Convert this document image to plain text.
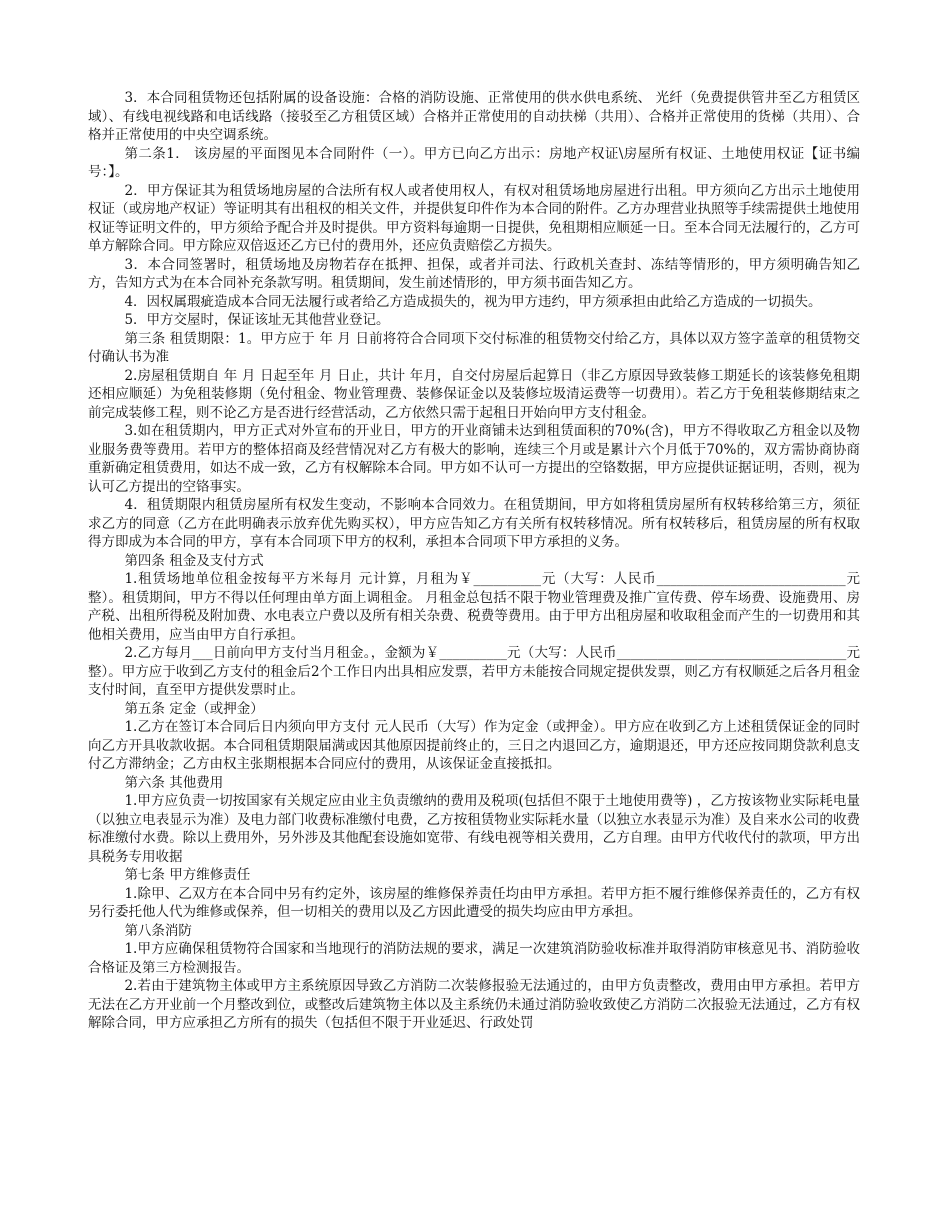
3．本合同租赁物还包括附属的设备设施：合格的消防设施、正常使用的供水供电系统、 光纤（免费提供管井至乙方租赁区域）、有线电视线路和电话线路（接驳至乙方租赁区域）合格并正常使用的自动扶梯（共用）、合格并正常使用的货梯（共用）、合格并正常使用的中央空调系统。

第二条1． 该房屋的平面图见本合同附件（一）。甲方已向乙方出示：房地产权证\房屋所有权证、土地使用权证【证书编号：】。

2．甲方保证其为租赁场地房屋的合法所有权人或者使用权人，有权对租赁场地房屋进行出租。甲方须向乙方出示土地使用权证（或房地产权证）等证明其有出租权的相关文件，并提供复印件作为本合同的附件。乙方办理营业执照等手续需提供土地使用权证等证明文件的，甲方须给予配合并及时提供。甲方资料每逾期一日提供，免租期相应顺延一日。至本合同无法履行的，乙方可单方解除合同。甲方除应双倍返还乙方已付的费用外，还应负责赔偿乙方损失。

3．本合同签署时，租赁场地及房物若存在抵押、担保，或者并司法、行政机关查封、冻结等情形的，甲方须明确告知乙方，告知方式为在本合同补充条款写明。租赁期间，发生前述情形的，甲方须书面告知乙方。

4．因权属瑕疵造成本合同无法履行或者给乙方造成损失的，视为甲方违约，甲方须承担由此给乙方造成的一切损失。

5．甲方交屋时，保证该址无其他营业登记。

第三条 租赁期限：1。甲方应于 年 月 日前将符合合同项下交付标准的租赁物交付给乙方，具体以双方签字盖章的租赁物交付确认书为准

2.房屋租赁期自 年 月 日起至年 月 日止，共计 年月，自交付房屋后起算日（非乙方原因导致装修工期延长的该装修免租期还相应顺延）为免租装修期（免付租金、物业管理费、装修保证金以及装修垃圾清运费等一切费用）。若乙方于免租装修期结束之前完成装修工程，则不论乙方是否进行经营活动，乙方依然只需于起租日开始向甲方支付租金。

3.如在租赁期内，甲方正式对外宣布的开业日，甲方的开业商铺未达到租赁面积的70%(含)，甲方不得收取乙方租金以及物业服务费等费用。若甲方的整体招商及经营情况对乙方有极大的影响，连续三个月或是累计六个月低于70%的，双方需协商协商重新确定租赁费用，如达不成一致，乙方有权解除本合同。甲方如不认可一方提出的空铬数据，甲方应提供证据证明，否则，视为认可乙方提出的空铬事实。

4．租赁期限内租赁房屋所有权发生变动，不影响本合同效力。在租赁期间，甲方如将租赁房屋所有权转移给第三方，须征求乙方的同意（乙方在此明确表示放弃优先购买权），甲方应告知乙方有关所有权转移情况。所有权转移后，租赁房屋的所有权取得方即成为本合同的甲方，享有本合同项下甲方的权利，承担本合同项下甲方承担的义务。

第四条 租金及支付方式

1.租赁场地单位租金按每平方米每月 元计算，月租为￥__________元（大写：人民币____________________________元整）。租赁期间，甲方不得以任何理由单方面上调租金。 月租金总包括不限于物业管理费及推广宣传费、停车场费、设施费用、房产税、出租所得税及附加费、水电表立户费以及所有相关杂费、税费等费用。由于甲方出租房屋和收取租金而产生的一切费用和其他相关费用，应当由甲方自行承担。

2.乙方每月___日前向甲方支付当月租金。，金额为￥__________元（大写：人民币__________________________________元整）。甲方应于收到乙方支付的租金后2个工作日内出具相应发票，若甲方未能按合同规定提供发票，则乙方有权顺延之后各月租金支付时间，直至甲方提供发票时止。

第五条 定金（或押金）

1.乙方在签订本合同后日内须向甲方支付 元人民币（大写）作为定金（或押金）。甲方应在收到乙方上述租赁保证金的同时向乙方开具收款收据。本合同租赁期限届满或因其他原因提前终止的，三日之内退回乙方，逾期退还，甲方还应按同期贷款利息支付乙方滞纳金；乙方由权主张期根据本合同应付的费用，从该保证金直接抵扣。

第六条 其他费用

1.甲方应负责一切按国家有关规定应由业主负责缴纳的费用及税项(包括但不限于土地使用费等) ，乙方按该物业实际耗电量（以独立电表显示为准）及电力部门收费标准缴付电费，乙方按租赁物业实际耗水量（以独立水表显示为准）及自来水公司的收费标准缴付水费。除以上费用外，另外涉及其他配套设施如宽带、有线电视等相关费用，乙方自理。由甲方代收代付的款项，甲方出具税务专用收据

第七条 甲方维修责任

1.除甲、乙双方在本合同中另有约定外，该房屋的维修保养责任均由甲方承担。若甲方拒不履行维修保养责任的，乙方有权另行委托他人代为维修或保养，但一切相关的费用以及乙方因此遭受的损失均应由甲方承担。

第八条消防

1.甲方应确保租赁物符合国家和当地现行的消防法规的要求，满足一次建筑消防验收标准并取得消防审核意见书、消防验收合格证及第三方检测报告。

2.若由于建筑物主体或甲方主系统原因导致乙方消防二次装修报验无法通过的，由甲方负责整改，费用由甲方承担。若甲方无法在乙方开业前一个月整改到位，或整改后建筑物主体以及主系统仍未通过消防验收致使乙方消防二次报验无法通过，乙方有权解除合同，甲方应承担乙方所有的损失（包括但不限于开业延迟、行政处罚
